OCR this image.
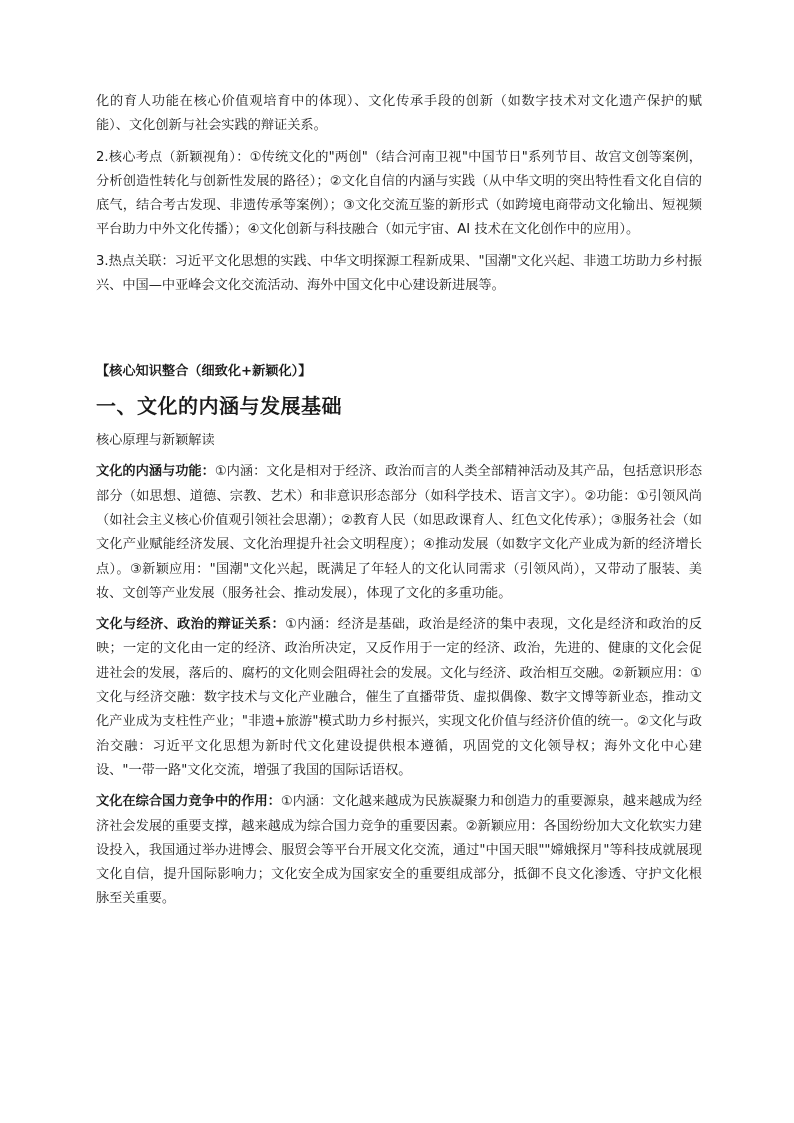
化的育人功能在核心价值观培育中的体现）、文化传承手段的创新（如数字技术对文化遗产保护的赋能）、文化创新与社会实践的辩证关系。

2.核心考点（新颖视角）：①传统文化的"两创"（结合河南卫视"中国节日"系列节目、故宫文创等案例，分析创造性转化与创新性发展的路径）；②文化自信的内涵与实践（从中华文明的突出特性看文化自信的底气，结合考古发现、非遗传承等案例）；③文化交流互鉴的新形式（如跨境电商带动文化输出、短视频平台助力中外文化传播）；④文化创新与科技融合（如元宇宙、AI 技术在文化创作中的应用）。

3.热点关联：习近平文化思想的实践、中华文明探源工程新成果、"国潮"文化兴起、非遗工坊助力乡村振兴、中国—中亚峰会文化交流活动、海外中国文化中心建设新进展等。

【核心知识整合（细致化+新颖化）】
一、文化的内涵与发展基础
核心原理与新颖解读

文化的内涵与功能：①内涵：文化是相对于经济、政治而言的人类全部精神活动及其产品，包括意识形态部分（如思想、道德、宗教、艺术）和非意识形态部分（如科学技术、语言文字）。②功能：①引领风尚（如社会主义核心价值观引领社会思潮）；②教育人民（如思政课育人、红色文化传承）；③服务社会（如文化产业赋能经济发展、文化治理提升社会文明程度）；④推动发展（如数字文化产业成为新的经济增长点）。③新颖应用："国潮"文化兴起，既满足了年轻人的文化认同需求（引领风尚），又带动了服装、美妆、文创等产业发展（服务社会、推动发展），体现了文化的多重功能。

文化与经济、政治的辩证关系：①内涵：经济是基础，政治是经济的集中表现，文化是经济和政治的反映；一定的文化由一定的经济、政治所决定，又反作用于一定的经济、政治，先进的、健康的文化会促进社会的发展，落后的、腐朽的文化则会阻碍社会的发展。文化与经济、政治相互交融。②新颖应用：①文化与经济交融：数字技术与文化产业融合，催生了直播带货、虚拟偶像、数字文博等新业态，推动文化产业成为支柱性产业；"非遗+旅游"模式助力乡村振兴，实现文化价值与经济价值的统一。②文化与政治交融：习近平文化思想为新时代文化建设提供根本遵循，巩固党的文化领导权；海外文化中心建设、"一带一路"文化交流，增强了我国的国际话语权。

文化在综合国力竞争中的作用：①内涵：文化越来越成为民族凝聚力和创造力的重要源泉，越来越成为经济社会发展的重要支撑，越来越成为综合国力竞争的重要因素。②新颖应用：各国纷纷加大文化软实力建设投入，我国通过举办进博会、服贸会等平台开展文化交流，通过"中国天眼""嫦娥探月"等科技成就展现文化自信，提升国际影响力；文化安全成为国家安全的重要组成部分，抵御不良文化渗透、守护文化根脉至关重要。
